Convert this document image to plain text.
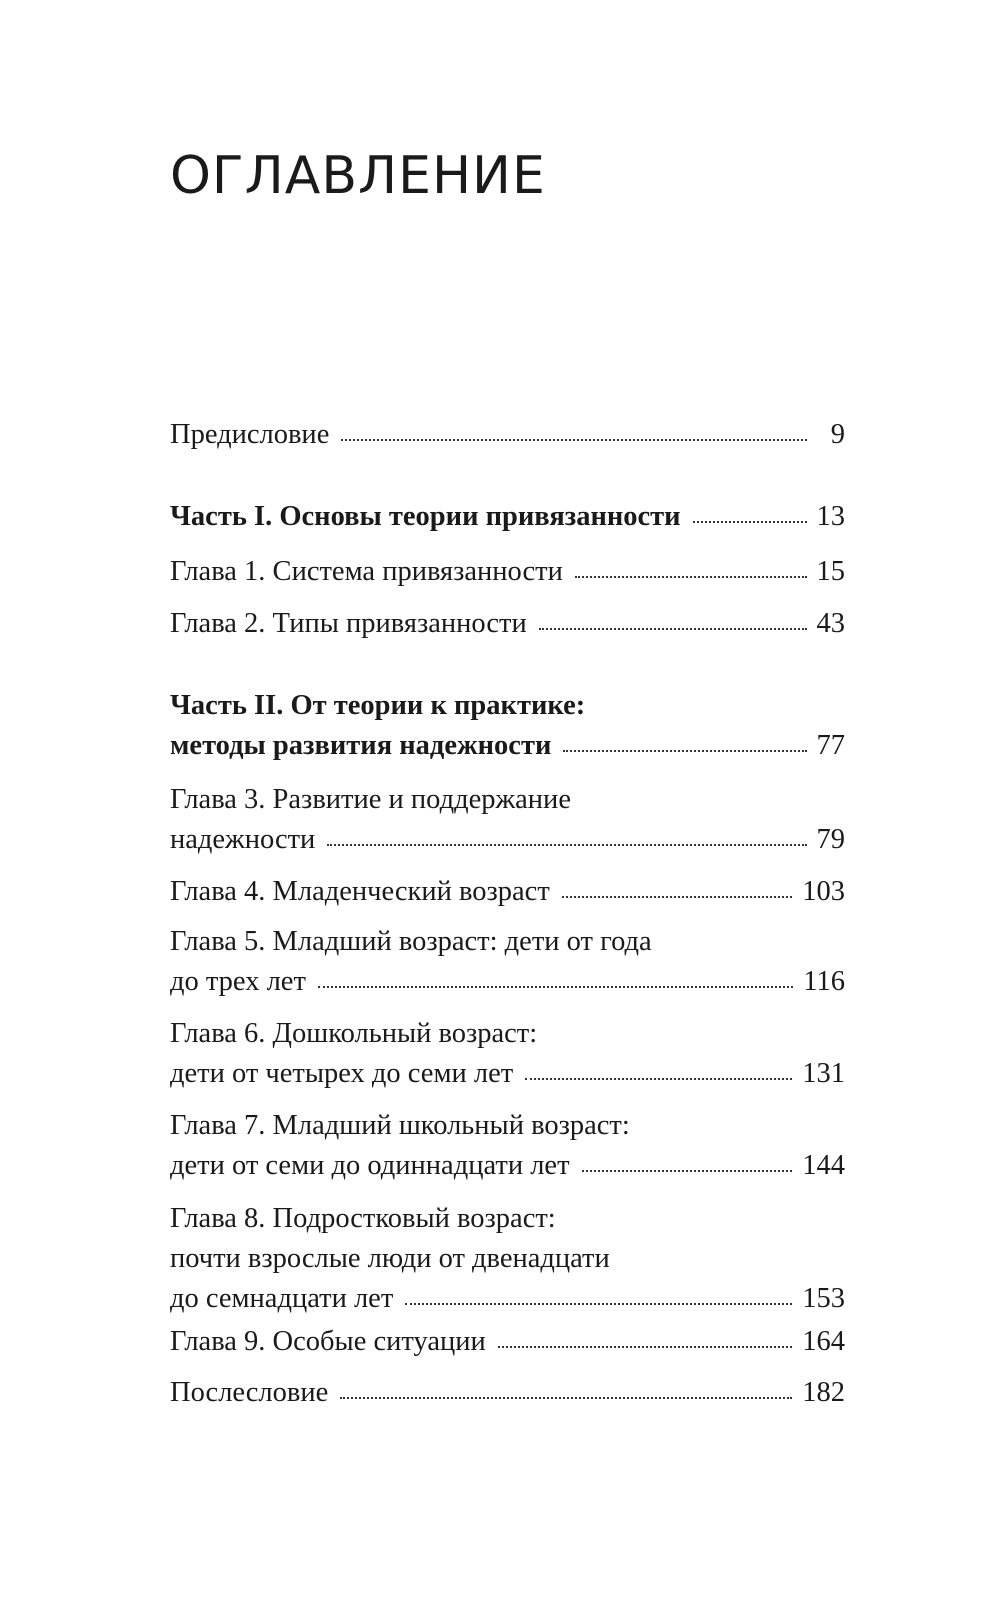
ОГЛАВЛЕНИЕ
Предисловие	9
Часть I. Основы теории привязанности	13
Глава 1. Система привязанности	15
Глава 2. Типы привязанности	43
Часть II. От теории к практике:
методы развития надежности	77
Глава 3. Развитие и поддержание
надежности	79
Глава 4. Младенческий возраст	103
Глава 5. Младший возраст: дети от года
до трех лет	116
Глава 6. Дошкольный возраст:
дети от четырех до семи лет	131
Глава 7. Младший школьный возраст:
дети от семи до одиннадцати лет	144
Глава 8. Подростковый возраст:
почти взрослые люди от двенадцати
до семнадцати лет	153
Глава 9. Особые ситуации	164
Послесловие	182
